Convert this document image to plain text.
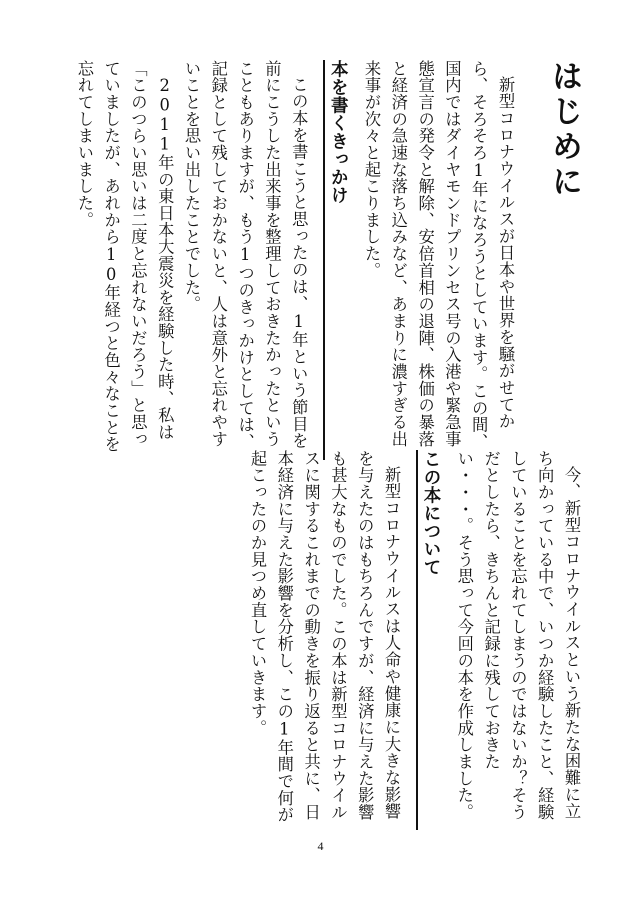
はじめに

新型コロナウイルスが日本や世界を騒がせてから、そろそろ1年になろうとしています。この間、国内ではダイヤモンドプリンセス号の入港や緊急事態宣言の発令と解除、安倍首相の退陣、株価の暴落と経済の急速な落ち込みなど、あまりに濃すぎる出来事が次々と起こりました。

本を書くきっかけ

この本を書こうと思ったのは、1年という節目を前にこうした出来事を整理しておきたかったということもありますが、もう1つのきっかけとしては、記録として残しておかないと、人は意外と忘れやすいことを思い出したことでした。

2011年の東日本大震災を経験した時、私は「このつらい思いは二度と忘れないだろう」と思っていましたが、あれから10年経つと色々なことを忘れてしまいました。

今、新型コロナウイルスという新たな困難に立ち向かっている中で、いつか経験したこと、経験していることを忘れてしまうのではないか？そうだとしたら、きちんと記録に残しておきたい・・・。そう思って今回の本を作成しました。

この本について

新型コロナウイルスは人命や健康に大きな影響を与えたのはもちろんですが、経済に与えた影響も甚大なものでした。この本は新型コロナウイルスに関するこれまでの動きを振り返ると共に、日本経済に与えた影響を分析し、この1年間で何が起こったのか見つめ直していきます。

4
